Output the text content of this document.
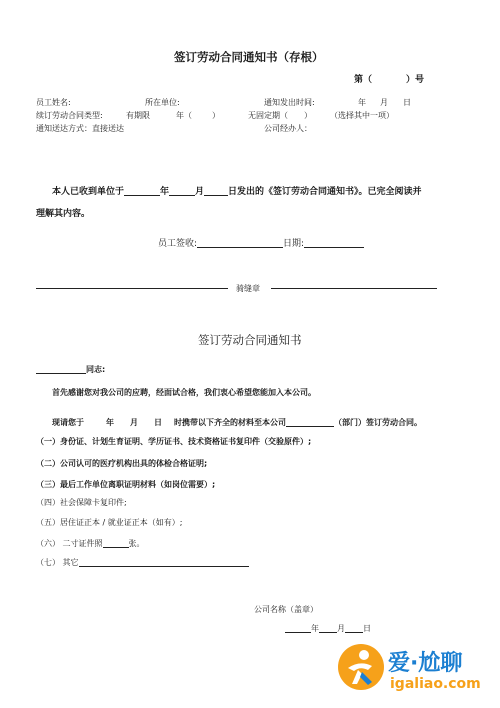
签订劳动合同通知书（存根）
第（	）号
员工姓名:	所在单位:	通知发出时间:	年 月 日
续订劳动合同类型:	有期限	年（	）	无固定期（ ） （选择其中一项）
通知送达方式：直接送达	公司经办人：
本人已收到单位于	年	月	日发出的《签订劳动合同通知书》。已完全阅读并
理解其内容。
员工签收:	日期:
骑缝章
签订劳动合同通知书
同志:
首先感谢您对我公司的应聘，经面试合格，我们衷心希望您能加入本公司。
现请您于	年 月 日 时携带以下齐全的材料至本公司	（部门）签订劳动合同。
（一）身份证、计划生育证明、学历证书、技术资格证书复印件（交验原件）;
（二）公司认可的医疗机构出具的体检合格证明;
（三）最后工作单位离职证明材料（如岗位需要）;
（四）社会保障卡复印件;
（五）居住证正本 / 就业证正本（如有）;
（六） 二寸证件照	张。
（七） 其它
公司名称（盖章）
年 月 日
爱·尬聊
igaliao.com
